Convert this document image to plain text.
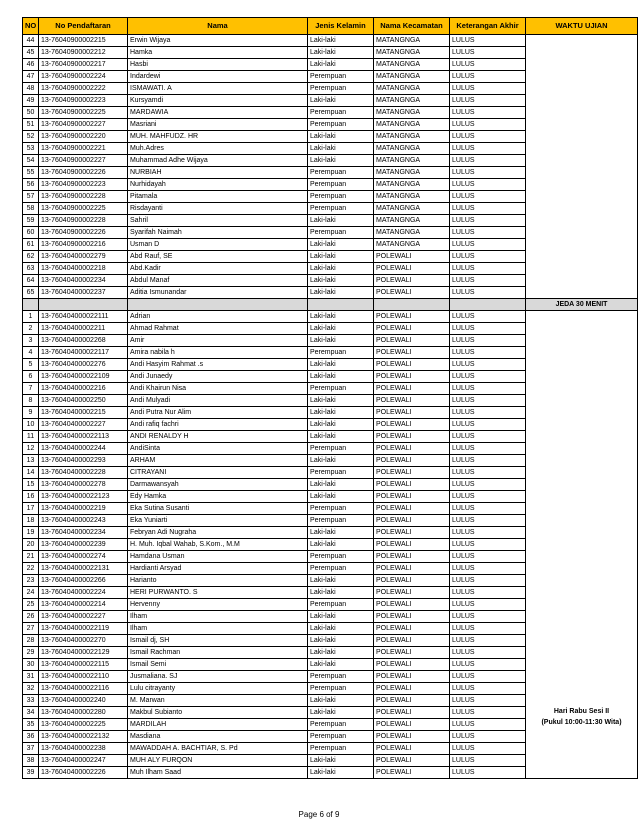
NO	No Pendaftaran	Nama	Jenis Kelamin	Nama Kecamatan	Keterangan Akhir	WAKTU UJIAN
44	13-76040900002215	Erwin Wijaya	Laki-laki	MATANGNGA	LULUS	
45	13-76040900002212	Hamka	Laki-laki	MATANGNGA	LULUS	
46	13-76040900002217	Hasbi	Laki-laki	MATANGNGA	LULUS	
47	13-76040900002224	Indardewi	Perempuan	MATANGNGA	LULUS	
48	13-76040900002222	ISMAWATI. A	Perempuan	MATANGNGA	LULUS	
49	13-76040900002223	Kursyamdi	Laki-laki	MATANGNGA	LULUS	
50	13-76040900002225	MARDAWIA	Perempuan	MATANGNGA	LULUS	
51	13-76040900002227	Masriani	Perempuan	MATANGNGA	LULUS	
52	13-76040900002220	MUH. MAHFUDZ. HR	Laki-laki	MATANGNGA	LULUS	
53	13-76040900002221	Muh.Adres	Laki-laki	MATANGNGA	LULUS	
54	13-76040900002227	Muhammad Adhe Wijaya	Laki-laki	MATANGNGA	LULUS	
55	13-76040900002226	NURBIAH	Perempuan	MATANGNGA	LULUS	
56	13-76040900002223	Nurhidayah	Perempuan	MATANGNGA	LULUS	
57	13-76040900002228	Pitamala	Perempuan	MATANGNGA	LULUS	
58	13-76040900002225	Risdayanti	Perempuan	MATANGNGA	LULUS	
59	13-76040900002228	Sahril	Laki-laki	MATANGNGA	LULUS	
60	13-76040900002226	Syarifah Naimah	Perempuan	MATANGNGA	LULUS	
61	13-76040900002216	Usman D	Laki-laki	MATANGNGA	LULUS	
62	13-76040400002279	Abd Rauf, SE	Laki-laki	POLEWALI	LULUS	
63	13-76040400002218	Abd.Kadir	Laki-laki	POLEWALI	LULUS	
64	13-76040400002234	Abdul Manaf	Laki-laki	POLEWALI	LULUS	
65	13-76040400002237	Aditia Ismunandar	Laki-laki	POLEWALI	LULUS	
						JEDA 30 MENIT
1	13-760404000022111	Adrian	Laki-laki	POLEWALI	LULUS	Hari Rabu Sesi II
(Pukul 10:00-11:30 Wita)

2	13-76040400002211	Ahmad Rahmat	Laki-laki	POLEWALI	LULUS	
3	13-76040400002268	Amir	Laki-laki	POLEWALI	LULUS	
4	13-760404000022117	Amira nabila h	Perempuan	POLEWALI	LULUS	
5	13-76040400002276	Andi Hasyim Rahmat .s	Laki-laki	POLEWALI	LULUS	
6	13-760404000022109	Andi Junaedy	Laki-laki	POLEWALI	LULUS	
7	13-76040400002216	Andi Khairun Nisa	Perempuan	POLEWALI	LULUS	
8	13-76040400002250	Andi Mulyadi	Laki-laki	POLEWALI	LULUS	
9	13-76040400002215	Andi Putra Nur Alim	Laki-laki	POLEWALI	LULUS	
10	13-76040400002227	Andi rafiq fachri	Laki-laki	POLEWALI	LULUS	
11	13-760404000022113	ANDI RENALDY H	Laki-laki	POLEWALI	LULUS	
12	13-76040400002244	AndiSinta	Perempuan	POLEWALI	LULUS	
13	13-76040400002293	ARHAM	Laki-laki	POLEWALI	LULUS	
14	13-76040400002228	CITRAYANI	Perempuan	POLEWALI	LULUS	
15	13-76040400002278	Darmawansyah	Laki-laki	POLEWALI	LULUS	
16	13-760404000022123	Edy Hamka	Laki-laki	POLEWALI	LULUS	
17	13-76040400002219	Eka Sutina Susanti	Perempuan	POLEWALI	LULUS	
18	13-76040400002243	Eka Yuniarti	Perempuan	POLEWALI	LULUS	
19	13-76040400002234	Febryan Adi Nugraha	Laki-laki	POLEWALI	LULUS	
20	13-76040400002239	H. Muh. Iqbal Wahab, S.Kom., M.M	Laki-laki	POLEWALI	LULUS	
21	13-76040400002274	Hamdana Usman	Perempuan	POLEWALI	LULUS	
22	13-760404000022131	Hardianti Arsyad	Perempuan	POLEWALI	LULUS	
23	13-76040400002266	Harianto	Laki-laki	POLEWALI	LULUS	
24	13-76040400002224	HERI PURWANTO. S	Laki-laki	POLEWALI	LULUS	
25	13-76040400002214	Hervenny	Perempuan	POLEWALI	LULUS	
26	13-76040400002227	Ilham	Laki-laki	POLEWALI	LULUS	
27	13-760404000022119	Ilham	Laki-laki	POLEWALI	LULUS	
28	13-76040400002270	Ismail dj, SH	Laki-laki	POLEWALI	LULUS	
29	13-760404000022129	Ismail Rachman	Laki-laki	POLEWALI	LULUS	
30	13-760404000022115	Ismail Semi	Laki-laki	POLEWALI	LULUS	
31	13-760404000022110	Jusmaliana. SJ	Perempuan	POLEWALI	LULUS	
32	13-760404000022116	Lulu citrayanty	Perempuan	POLEWALI	LULUS	
33	13-76040400002240	M. Marwan	Laki-laki	POLEWALI	LULUS	
34	13-76040400002280	Makbul Subianto	Laki-laki	POLEWALI	LULUS	
35	13-76040400002225	MARDILAH	Perempuan	POLEWALI	LULUS	
36	13-760404000022132	Masdiana	Perempuan	POLEWALI	LULUS	
37	13-76040400002238	MAWADDAH A. BACHTIAR, S. Pd	Perempuan	POLEWALI	LULUS	
38	13-76040400002247	MUH ALY FURQON	Laki-laki	POLEWALI	LULUS	
39	13-76040400002226	Muh Ilham Saad	Laki-laki	POLEWALI	LULUS	
Page 6 of 9
